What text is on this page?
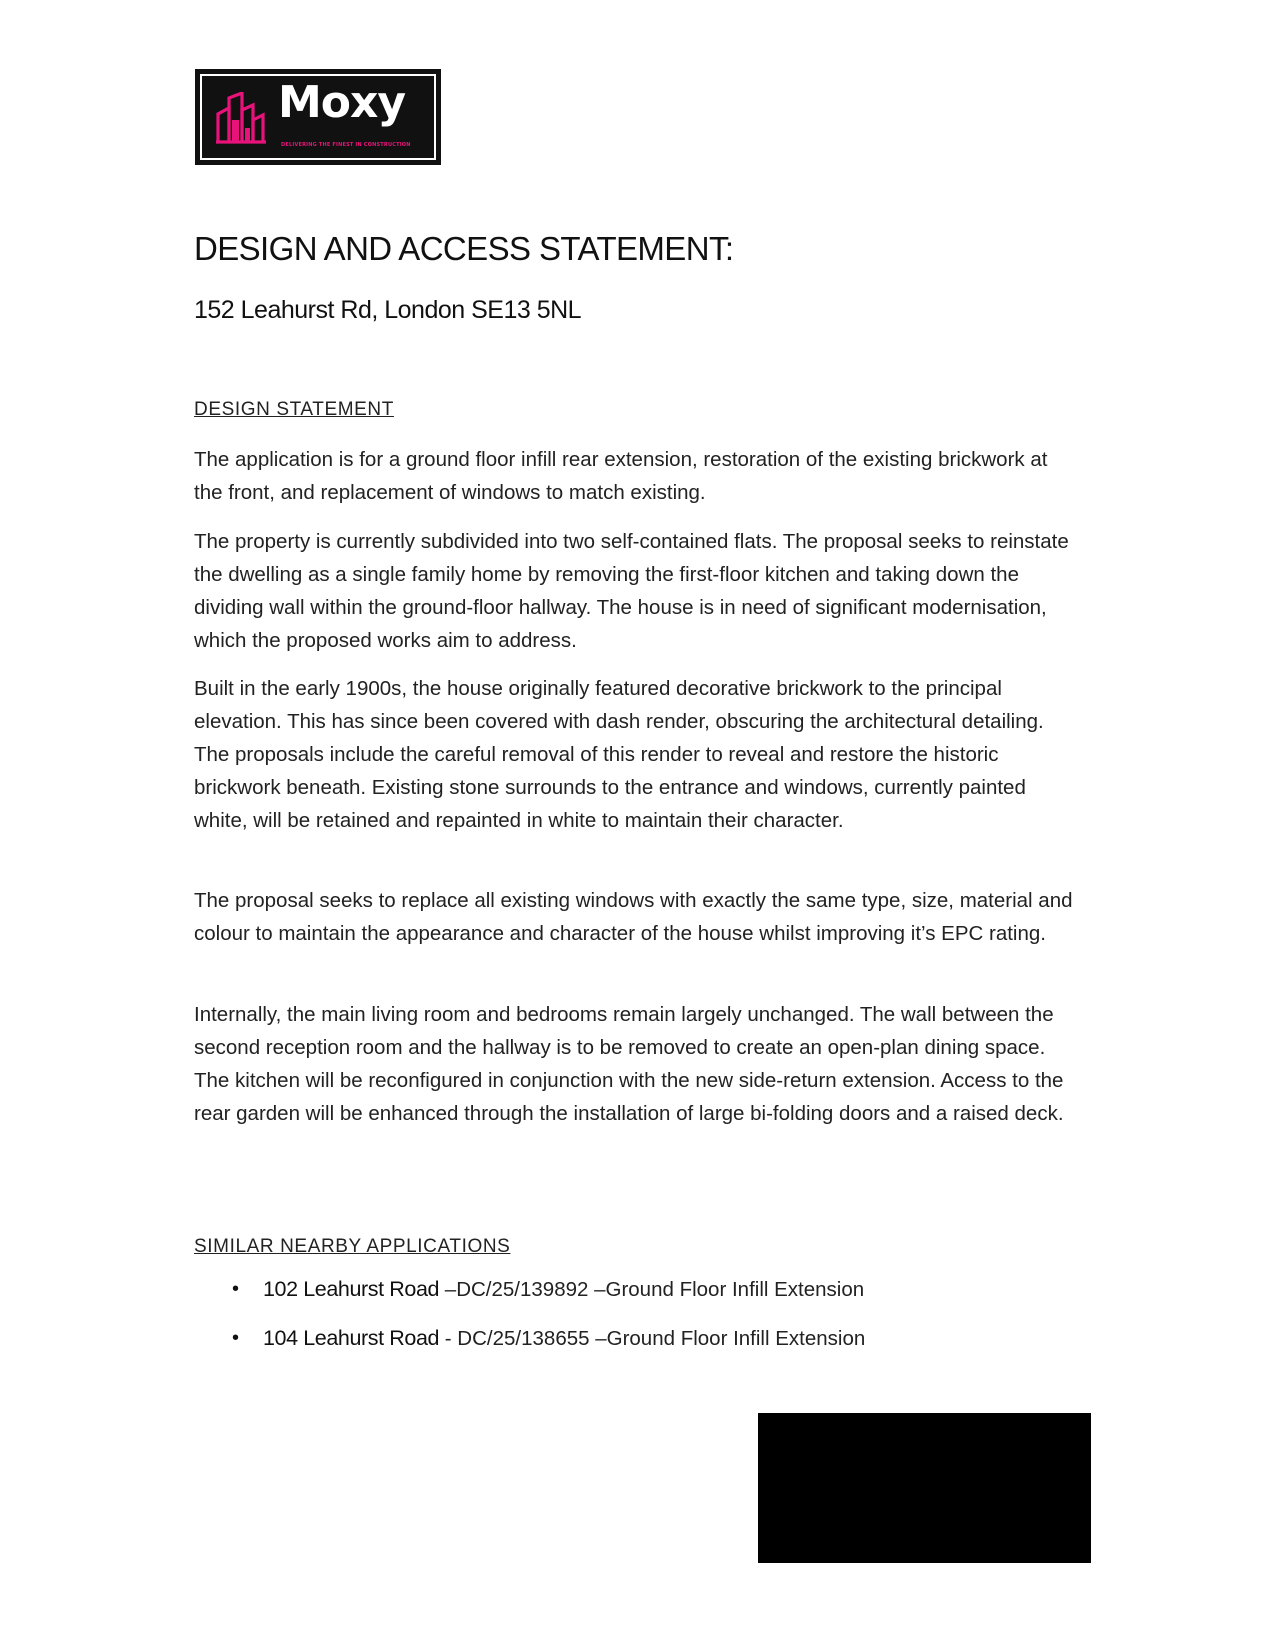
Moxy
DELIVERING THE FINEST IN CONSTRUCTION
DESIGN AND ACCESS STATEMENT:
152 Leahurst Rd, London SE13 5NL
DESIGN STATEMENT

The application is for a ground floor infill rear extension, restoration of the existing brickwork at the front, and replacement of windows to match existing.

The property is currently subdivided into two self-contained flats. The proposal seeks to reinstate the dwelling as a single family home by removing the first-floor kitchen and taking down the dividing wall within the ground-floor hallway. The house is in need of significant modernisation, which the proposed works aim to address.

Built in the early 1900s, the house originally featured decorative brickwork to the principal elevation. This has since been covered with dash render, obscuring the architectural detailing. The proposals include the careful removal of this render to reveal and restore the historic brickwork beneath. Existing stone surrounds to the entrance and windows, currently painted white, will be retained and repainted in white to maintain their character.

The proposal seeks to replace all existing windows with exactly the same type, size, material and colour to maintain the appearance and character of the house whilst improving it’s EPC rating.

Internally, the main living room and bedrooms remain largely unchanged. The wall between the second reception room and the hallway is to be removed to create an open-plan dining space. The kitchen will be reconfigured in conjunction with the new side-return extension. Access to the rear garden will be enhanced through the installation of large bi-folding doors and a raised deck.

SIMILAR NEARBY APPLICATIONS
• 102 Leahurst Road –DC/25/139892 –Ground Floor Infill Extension
• 104 Leahurst Road - DC/25/138655 –Ground Floor Infill Extension
